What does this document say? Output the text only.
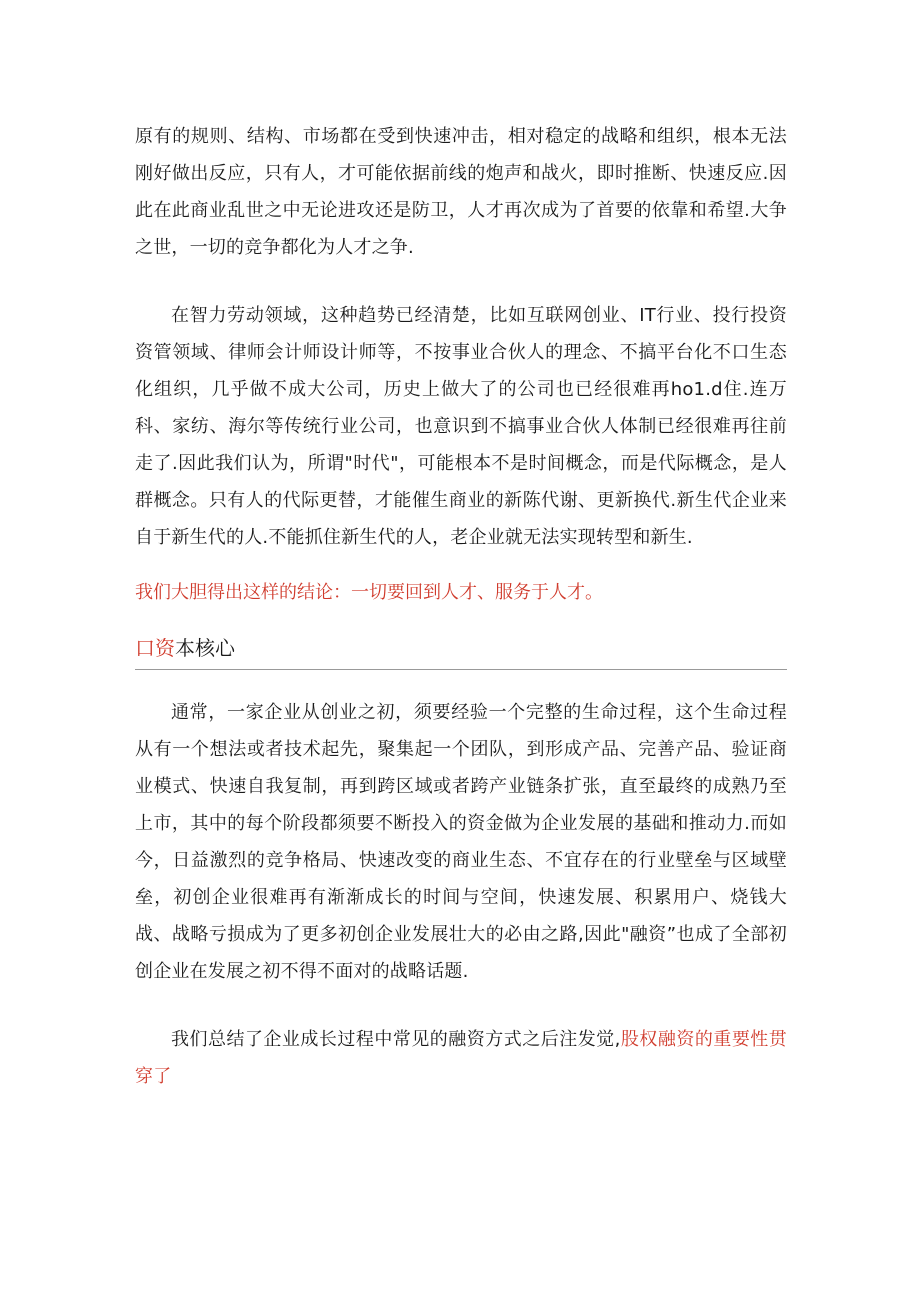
原有的规则、结构、市场都在受到快速冲击，相对稳定的战略和组织，根本无法刚好做出反应，只有人，才可能依据前线的炮声和战火，即时推断、快速反应.因此在此商业乱世之中无论进攻还是防卫，人才再次成为了首要的依靠和希望.大争之世，一切的竞争都化为人才之争.

在智力劳动领域，这种趋势已经清楚，比如互联网创业、IT行业、投行投资资管领域、律师会计师设计师等，不按事业合伙人的理念、不搞平台化不口生态化组织，几乎做不成大公司，历史上做大了的公司也已经很难再ho1.d住.连万科、家纺、海尔等传统行业公司，也意识到不搞事业合伙人体制已经很难再往前走了.因此我们认为，所谓"时代"，可能根本不是时间概念，而是代际概念，是人群概念。只有人的代际更替，才能催生商业的新陈代谢、更新换代.新生代企业来自于新生代的人.不能抓住新生代的人，老企业就无法实现转型和新生.

我们大胆得出这样的结论：一切要回到人才、服务于人才。

口资本核心

通常，一家企业从创业之初，须要经验一个完整的生命过程，这个生命过程从有一个想法或者技术起先，聚集起一个团队，到形成产品、完善产品、验证商业模式、快速自我复制，再到跨区域或者跨产业链条扩张，直至最终的成熟乃至上市，其中的每个阶段都须要不断投入的资金做为企业发展的基础和推动力.而如今，日益激烈的竞争格局、快速改变的商业生态、不宜存在的行业壁垒与区域壁垒，初创企业很难再有渐渐成长的时间与空间，快速发展、积累用户、烧钱大战、战略亏损成为了更多初创企业发展壮大的必由之路,因此"融资”也成了全部初创企业在发展之初不得不面对的战略话题.

我们总结了企业成长过程中常见的融资方式之后注发觉,股权融资的重要性贯穿了
